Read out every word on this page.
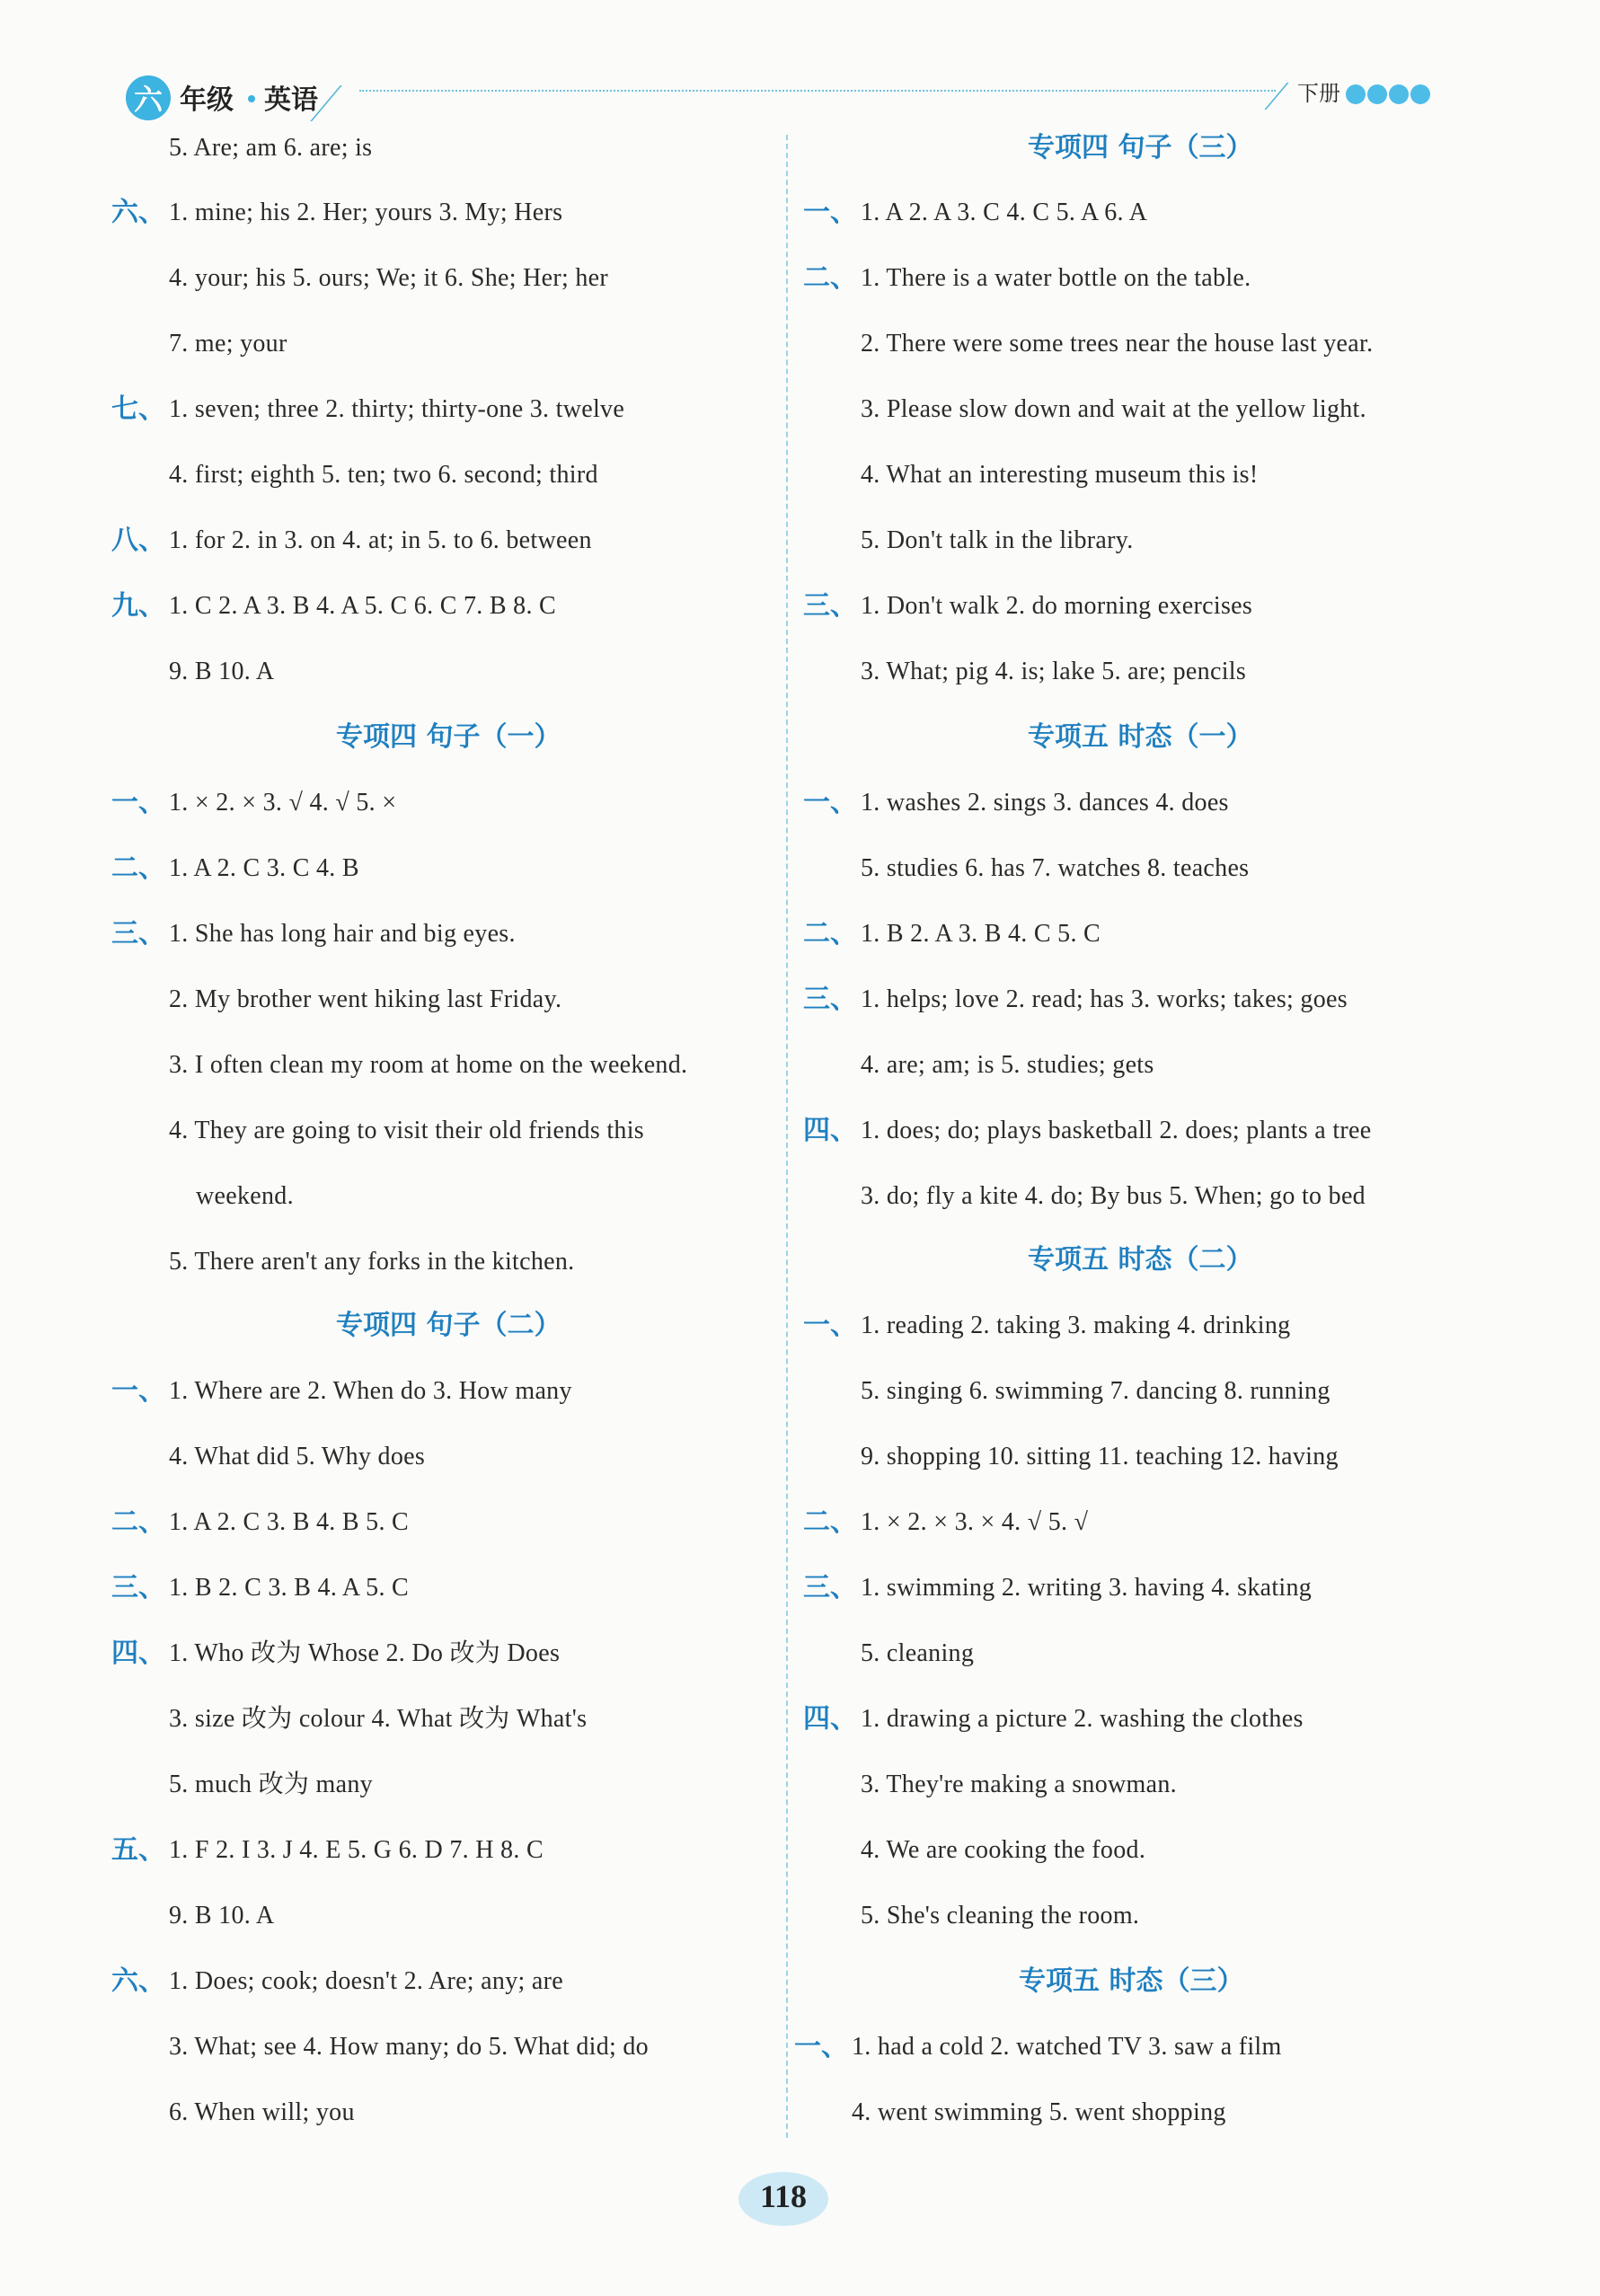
六 年级 英语	下册
5. Are; am 6. are; is
六、 1. mine; his 2. Her; yours 3. My; Hers
4. your; his 5. ours; We; it 6. She; Her; her
7. me; your
七、 1. seven; three 2. thirty; thirty-one 3. twelve
4. first; eighth 5. ten; two 6. second; third
八、 1. for 2. in 3. on 4. at; in 5. to 6. between
九、 1. C 2. A 3. B 4. A 5. C 6. C 7. B 8. C
9. B 10. A
专项四 句子（一）
一、 1. × 2. × 3. √ 4. √ 5. ×
二、 1. A 2. C 3. C 4. B
三、 1. She has long hair and big eyes.
2. My brother went hiking last Friday.
3. I often clean my room at home on the weekend.
4. They are going to visit their old friends this
weekend.
5. There aren't any forks in the kitchen.
专项四 句子（二）
一、 1. Where are 2. When do 3. How many
4. What did 5. Why does
二、 1. A 2. C 3. B 4. B 5. C
三、 1. B 2. C 3. B 4. A 5. C
四、 1. Who 改为 Whose 2. Do 改为 Does
3. size 改为 colour 4. What 改为 What's
5. much 改为 many
五、 1. F 2. I 3. J 4. E 5. G 6. D 7. H 8. C
9. B 10. A
六、 1. Does; cook; doesn't 2. Are; any; are
3. What; see 4. How many; do 5. What did; do
6. When will; you
专项四 句子（三）
一、 1. A 2. A 3. C 4. C 5. A 6. A
二、 1. There is a water bottle on the table.
2. There were some trees near the house last year.
3. Please slow down and wait at the yellow light.
4. What an interesting museum this is!
5. Don't talk in the library.
三、 1. Don't walk 2. do morning exercises
3. What; pig 4. is; lake 5. are; pencils
专项五 时态（一）
一、 1. washes 2. sings 3. dances 4. does
5. studies 6. has 7. watches 8. teaches
二、 1. B 2. A 3. B 4. C 5. C
三、 1. helps; love 2. read; has 3. works; takes; goes
4. are; am; is 5. studies; gets
四、 1. does; do; plays basketball 2. does; plants a tree
3. do; fly a kite 4. do; By bus 5. When; go to bed
专项五 时态（二）
一、 1. reading 2. taking 3. making 4. drinking
5. singing 6. swimming 7. dancing 8. running
9. shopping 10. sitting 11. teaching 12. having
二、 1. × 2. × 3. × 4. √ 5. √
三、 1. swimming 2. writing 3. having 4. skating
5. cleaning
四、 1. drawing a picture 2. washing the clothes
3. They're making a snowman.
4. We are cooking the food.
5. She's cleaning the room.
专项五 时态（三）
一、 1. had a cold 2. watched TV 3. saw a film
4. went swimming 5. went shopping
118
